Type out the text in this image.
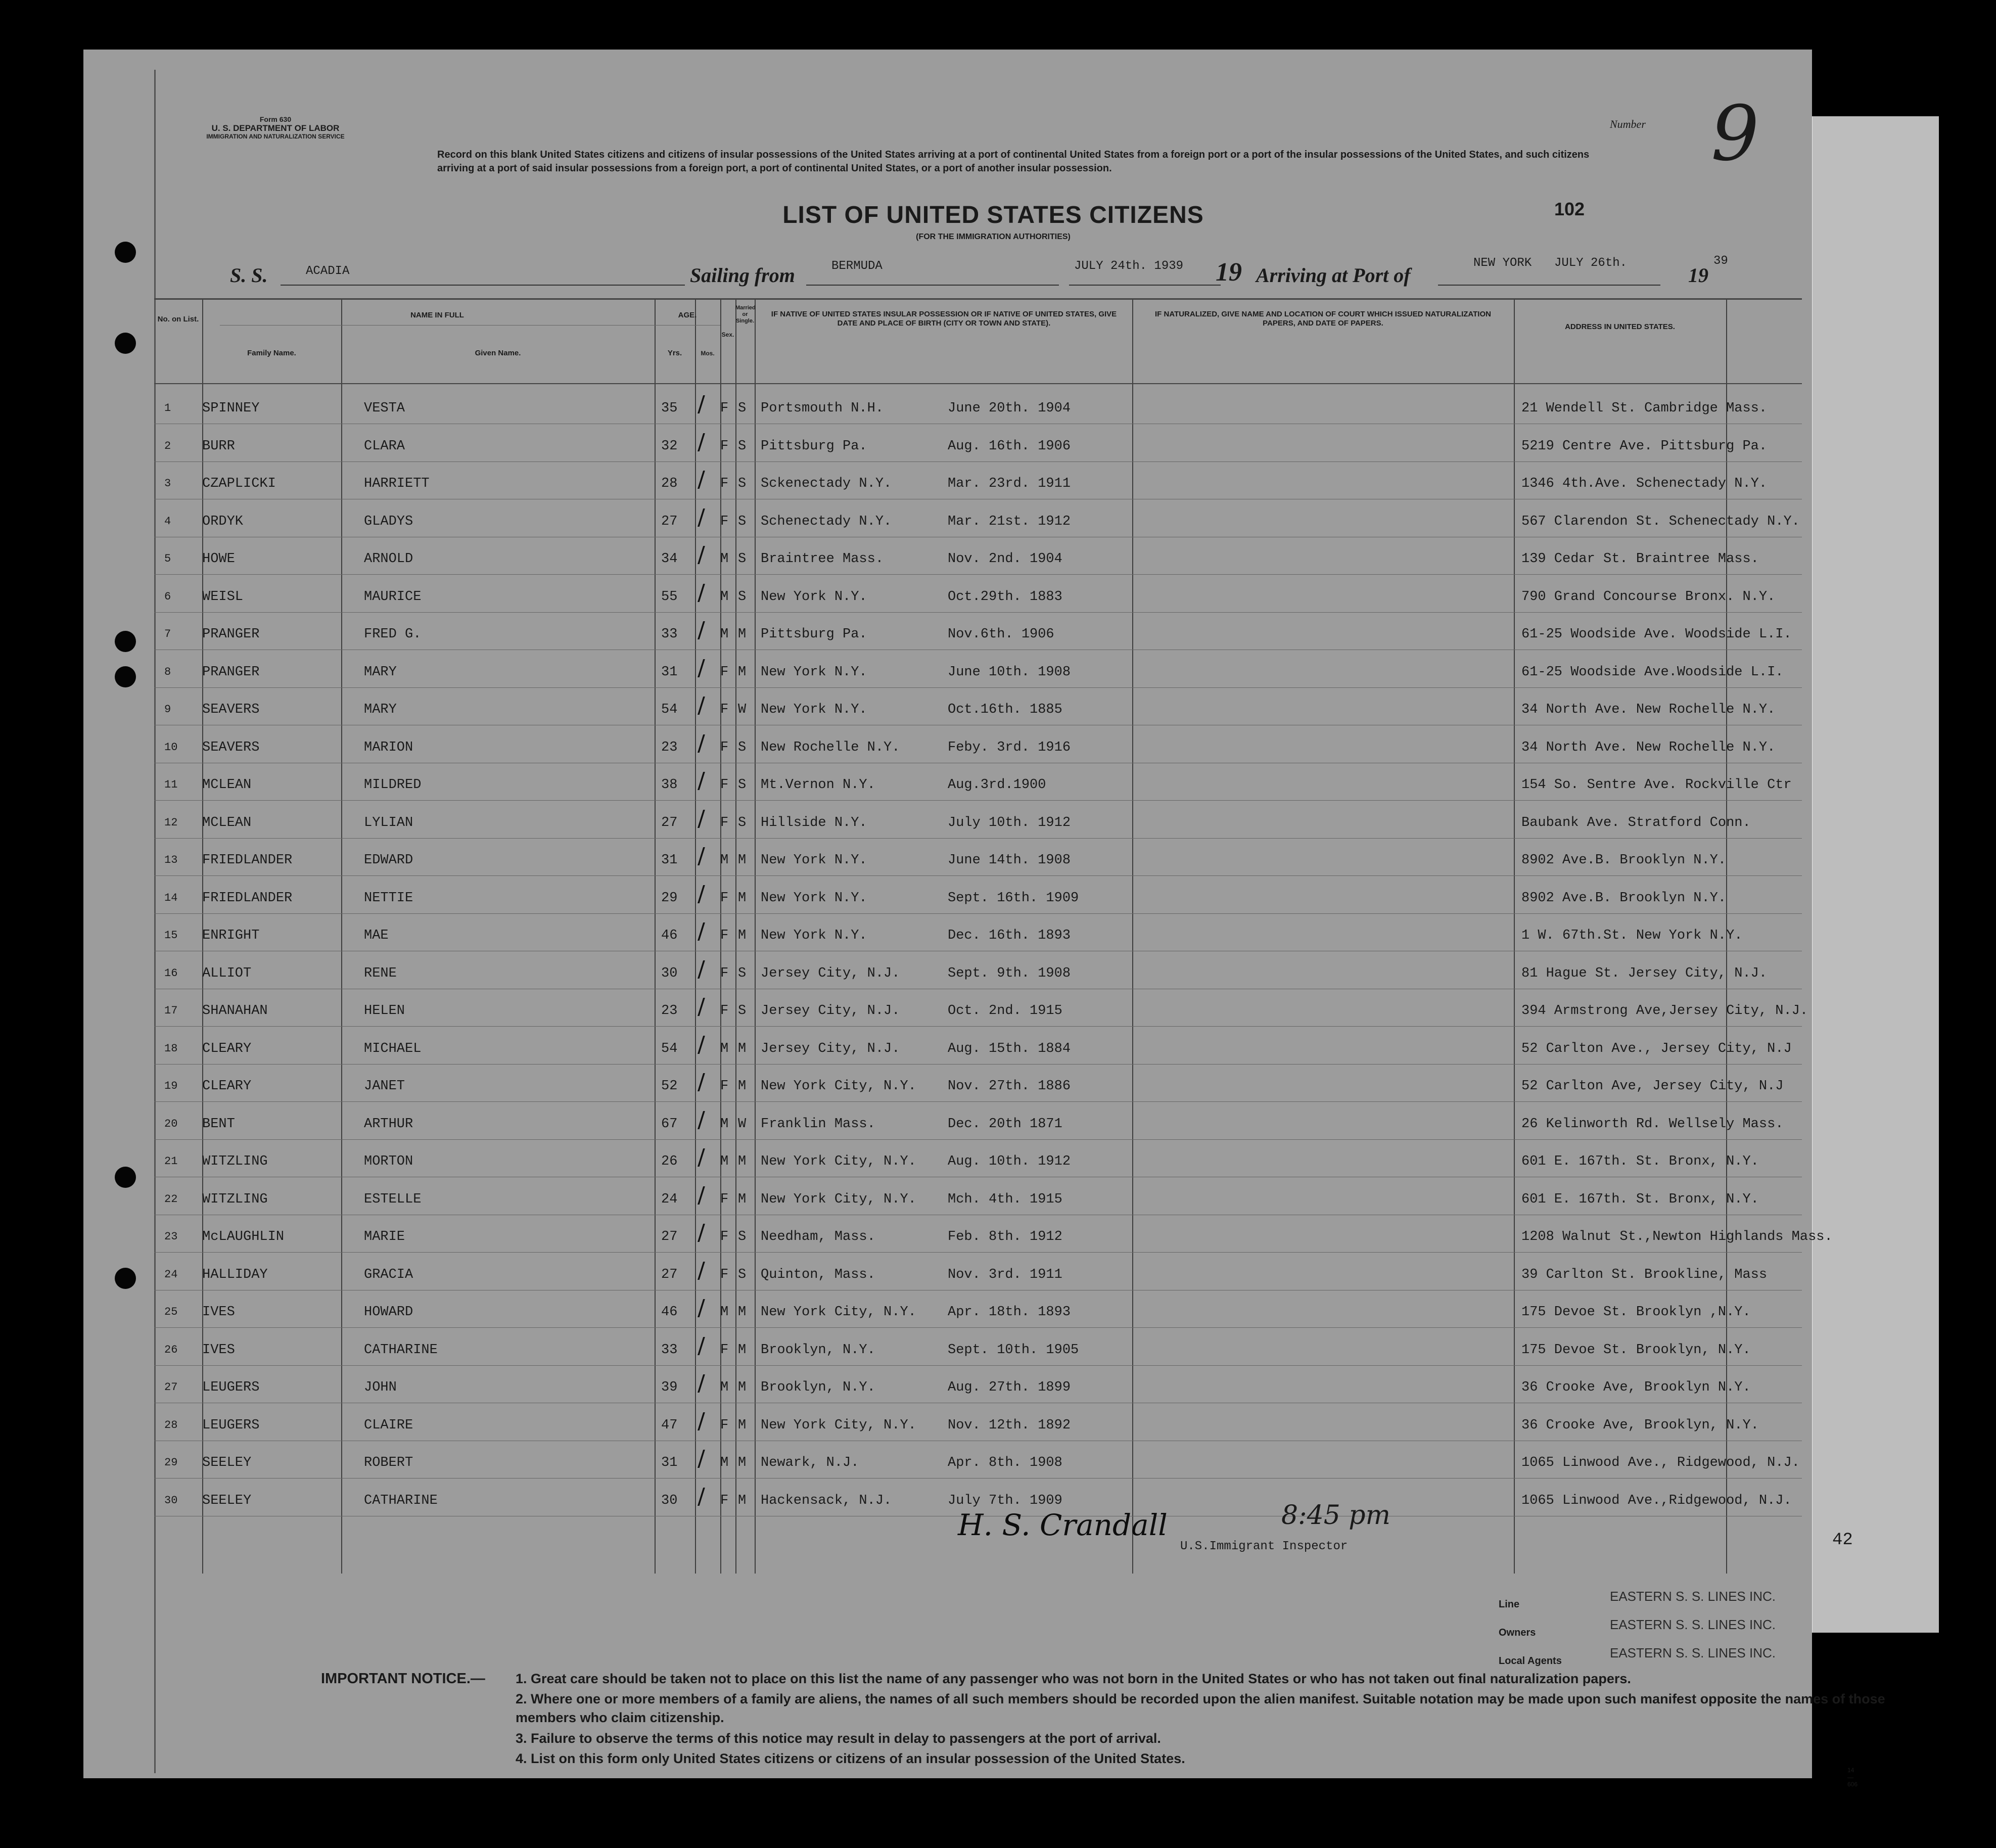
Form 630
U. S. DEPARTMENT OF LABOR
IMMIGRATION AND NATURALIZATION SERVICE
Record on this blank United States citizens and citizens of insular possessions of the United States arriving at a port of continental United States from a foreign port or a port of the insular possessions of the United States, and such citizens arriving at a port of said insular possessions from a foreign port, a port of continental United States, or a port of another insular possession.
LIST OF UNITED STATES CITIZENS
(FOR THE IMMIGRATION AUTHORITIES)
102
Number 9
S. S.	ACADIA	Sailing from	BERMUDA	JULY 24th. 1939 19 Arriving at Port of
NEW YORK JULY 26th.
19
39
No. on List.	NAME IN FULL
Family Name.	Given Name.
AGE.
Yrs.	Mos.
Sex.
Married or Single.
IF NATIVE OF UNITED STATES INSULAR POSSESSION OR IF NATIVE OF UNITED STATES, GIVE DATE AND PLACE OF BIRTH (CITY OR TOWN AND STATE).
IF NATURALIZED, GIVE NAME AND LOCATION OF COURT WHICH ISSUED NATURALIZATION PAPERS, AND DATE OF PAPERS.	ADDRESS IN UNITED STATES.
1 SPINNEY	VESTA	35	F S Portsmouth N.H.	June 20th. 1904	21 Wendell St. Cambridge Mass.
/
2 BURR	CLARA	32	F S Pittsburg Pa.	Aug. 16th. 1906	5219 Centre Ave. Pittsburg Pa.
/
3 CZAPLICKI	HARRIETT	28	F S Sckenectady N.Y.	Mar. 23rd. 1911	1346 4th.Ave. Schenectady N.Y.
/
4 ORDYK	GLADYS	27	F S Schenectady N.Y.	Mar. 21st. 1912	567 Clarendon St. Schenectady N.Y.
/
5 HOWE	ARNOLD	34	M S Braintree Mass.	Nov. 2nd. 1904	139 Cedar St. Braintree Mass.
/
6 WEISL	MAURICE	55	M S New York N.Y.	Oct.29th. 1883	790 Grand Concourse Bronx. N.Y.
/
7 PRANGER	FRED G.	33	M M Pittsburg Pa.	Nov.6th. 1906	61-25 Woodside Ave. Woodside L.I.
/
8 PRANGER	MARY	31	F M New York N.Y.	June 10th. 1908	61-25 Woodside Ave.Woodside L.I.
/
9 SEAVERS	MARY	54	F W New York N.Y.	Oct.16th. 1885	34 North Ave. New Rochelle N.Y.
/
10 SEAVERS	MARION	23	F S New Rochelle N.Y.	Feby. 3rd. 1916	34 North Ave. New Rochelle N.Y.
/
11 MCLEAN	MILDRED	38	F S Mt.Vernon N.Y.	Aug.3rd.1900	154 So. Sentre Ave. Rockville Ctr
/
12 MCLEAN	LYLIAN	27	F S Hillside N.Y.	July 10th. 1912	Baubank Ave. Stratford Conn.
/
13 FRIEDLANDER	EDWARD	31	M M New York N.Y.	June 14th. 1908	8902 Ave.B. Brooklyn N.Y.
/
14 FRIEDLANDER	NETTIE	29	F M New York N.Y.	Sept. 16th. 1909	8902 Ave.B. Brooklyn N.Y.
/
15 ENRIGHT	MAE	46	F M New York N.Y.	Dec. 16th. 1893	1 W. 67th.St. New York N.Y.
/
16 ALLIOT	RENE	30	F S Jersey City, N.J.	Sept. 9th. 1908	81 Hague St. Jersey City, N.J.
/
17 SHANAHAN	HELEN	23	F S Jersey City, N.J.	Oct. 2nd. 1915	394 Armstrong Ave,Jersey City, N.J.
/
18 CLEARY	MICHAEL	54	M M Jersey City, N.J.	Aug. 15th. 1884	52 Carlton Ave., Jersey City, N.J
/
19 CLEARY	JANET	52	F M New York City, N.Y. Nov. 27th. 1886	52 Carlton Ave, Jersey City, N.J
/
20 BENT	ARTHUR	67	M W Franklin Mass.	Dec. 20th 1871	26 Kelinworth Rd. Wellsely Mass.
/
21 WITZLING	MORTON	26	M M New York City, N.Y. Aug. 10th. 1912	601 E. 167th. St. Bronx, N.Y.
/
22 WITZLING	ESTELLE	24	F M New York City, N.Y. Mch. 4th. 1915	601 E. 167th. St. Bronx, N.Y.
/
23 McLAUGHLIN	MARIE	27	F S Needham, Mass.	Feb. 8th. 1912	1208 Walnut St.,Newton Highlands Mass.
/
24 HALLIDAY	GRACIA	27	F S Quinton, Mass.	Nov. 3rd. 1911	39 Carlton St. Brookline, Mass
/
25 IVES	HOWARD	46	M M New York City, N.Y. Apr. 18th. 1893	175 Devoe St. Brooklyn ,N.Y.
/
26 IVES	CATHARINE	33	F M Brooklyn, N.Y.	Sept. 10th. 1905	175 Devoe St. Brooklyn, N.Y.
/
27 LEUGERS	JOHN	39	M M Brooklyn, N.Y.	Aug. 27th. 1899	36 Crooke Ave, Brooklyn N.Y.
/
28 LEUGERS	CLAIRE	47	F M New York City, N.Y. Nov. 12th. 1892	36 Crooke Ave, Brooklyn, N.Y.
/
29 SEELEY	ROBERT	31	M M Newark, N.J.	Apr. 8th. 1908	1065 Linwood Ave., Ridgewood, N.J.
/
30 SEELEY	CATHARINE	30	F M Hackensack, N.J.	July 7th. 1909	1065 Linwood Ave.,Ridgewood, N.J.
/
H. S. Crandall	8:45 pm
U.S.Immigrant Inspector	42
Line
EASTERN S. S. LINES INC.
Owners
EASTERN S. S. LINES INC.
Local Agents
EASTERN S. S. LINES INC.
IMPORTANT NOTICE.— 1. Great care should be taken not to place on this list the name of any passenger who was not born in the United States or who has not taken out final naturalization papers.
2. Where one or more members of a family are aliens, the names of all such members should be recorded upon the alien manifest. Suitable notation may be made upon such manifest opposite the names of those members who claim citizenship.
3. Failure to observe the terms of this notice may result in delay to passengers at the port of arrival.
4. List on this form only United States citizens or citizens of an insular possession of the United States.
14—606
